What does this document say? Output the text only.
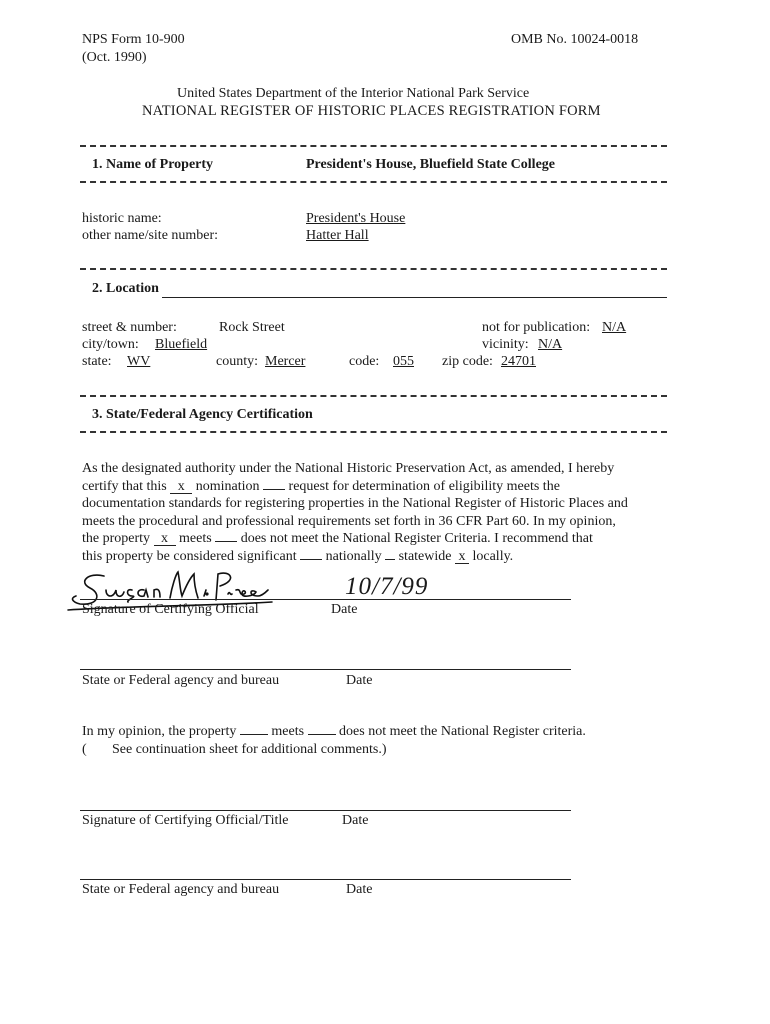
NPS Form 10-900
(Oct. 1990)
OMB No. 10024-0018
United States Department of the Interior National Park Service
NATIONAL REGISTER OF HISTORIC PLACES REGISTRATION FORM
1. Name of Property	President's House, Bluefield State College
historic name:	President's House
other name/site number:	Hatter Hall
2. Location
street & number:	Rock Street	not for publication: N/A
city/town: Bluefield	vicinity: N/A
state: WV	county: Mercer	code: 055 zip code: 24701
3. State/Federal Agency Certification
As the designated authority under the National Historic Preservation Act, as amended, I hereby
certify that this x nomination request for determination of eligibility meets the
documentation standards for registering properties in the National Register of Historic Places and
meets the procedural and professional requirements set forth in 36 CFR Part 60. In my opinion,
the property x meets does not meet the National Register Criteria. I recommend that
this property be considered significant nationally statewide x locally.
10/7/99
Signature of Certifying Official	Date
State or Federal agency and bureau	Date
In my opinion, the property	meets	does not meet the National Register criteria.
( See continuation sheet for additional comments.)
Signature of Certifying Official/Title	Date
State or Federal agency and bureau	Date
